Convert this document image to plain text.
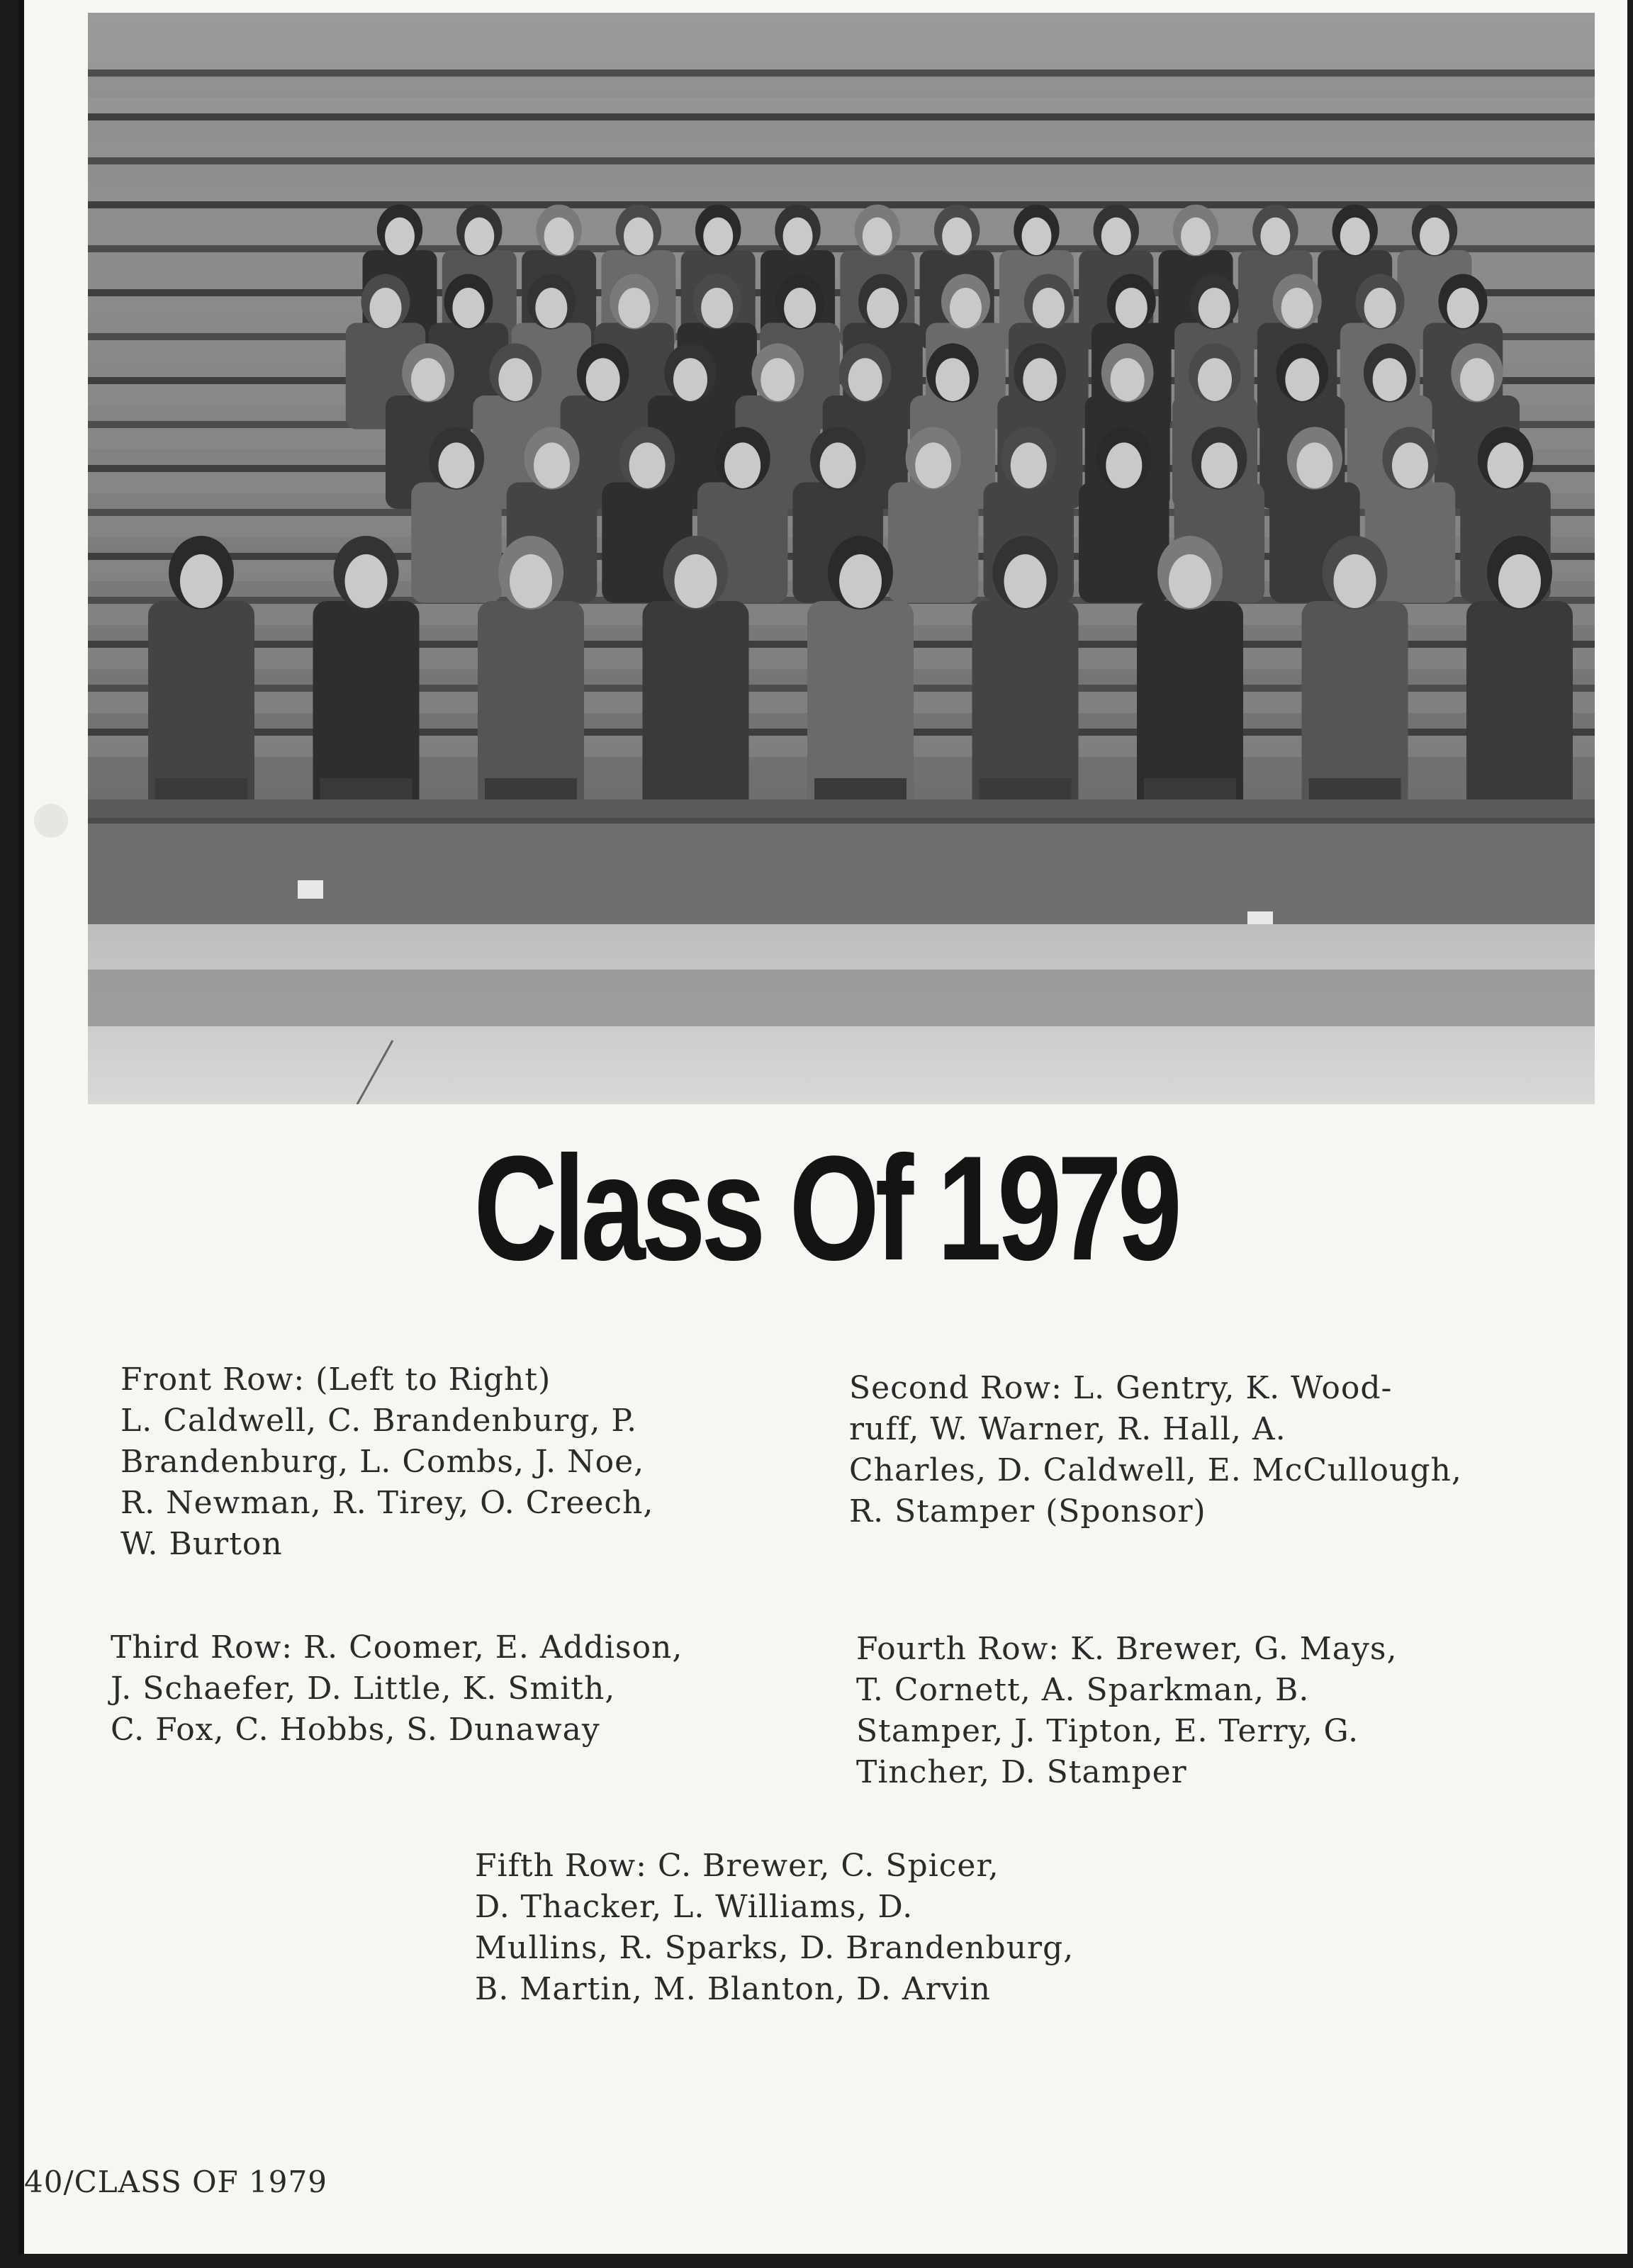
Class Of 1979
Front Row: (Left to Right)
L. Caldwell, C. Brandenburg, P.
Brandenburg, L. Combs, J. Noe,
R. Newman, R. Tirey, O. Creech,
W. Burton
Second Row: L. Gentry, K. Wood-
ruff, W. Warner, R. Hall, A.
Charles, D. Caldwell, E. McCullough,
R. Stamper (Sponsor)
Third Row: R. Coomer, E. Addison,
J. Schaefer, D. Little, K. Smith,
C. Fox, C. Hobbs, S. Dunaway
Fourth Row: K. Brewer, G. Mays,
T. Cornett, A. Sparkman, B.
Stamper, J. Tipton, E. Terry, G.
Tincher, D. Stamper
Fifth Row: C. Brewer, C. Spicer,
D. Thacker, L. Williams, D.
Mullins, R. Sparks, D. Brandenburg,
B. Martin, M. Blanton, D. Arvin
40/CLASS OF 1979
